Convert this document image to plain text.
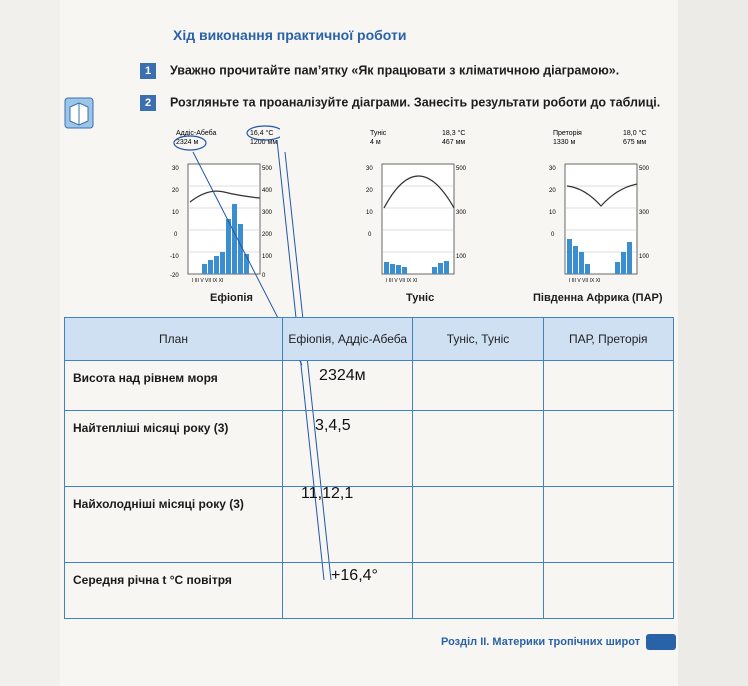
Хід виконання практичної роботи
1 Уважно прочитайте пам’ятку «Як працювати з кліматичною діаграмою».
2 Розгляньте та проаналізуйте діаграми. Занесіть результати роботи до таблиці.
Аддіс-Абеба
2324 м
16,4 °С
1200 мм
30
20
10
0
-10
-20
500
400
300
200
100
0
I III V VII IX XI
Ефіопія
Туніс
4 м
18,3 °С
467 мм
30
20
10
0
500
300
100
I III V VII IX XI
Туніс
Преторія
1330 м
18,0 °С
675 мм
30
20
10
0
500
300
100
I III V VII IX XI
Південна Африка (ПАР)
План	Ефіопія, Аддіс-Абеба	Туніс, Туніс	ПАР, Преторія
Висота над рівнем моря	2324м		

Найтепліші місяці року (3)	3,4,5		

Найхолодніші місяці року (3)	11,12,1		

Середня річна t °С повітря	+16,4°		

Розділ II. Материки тропічних широт
